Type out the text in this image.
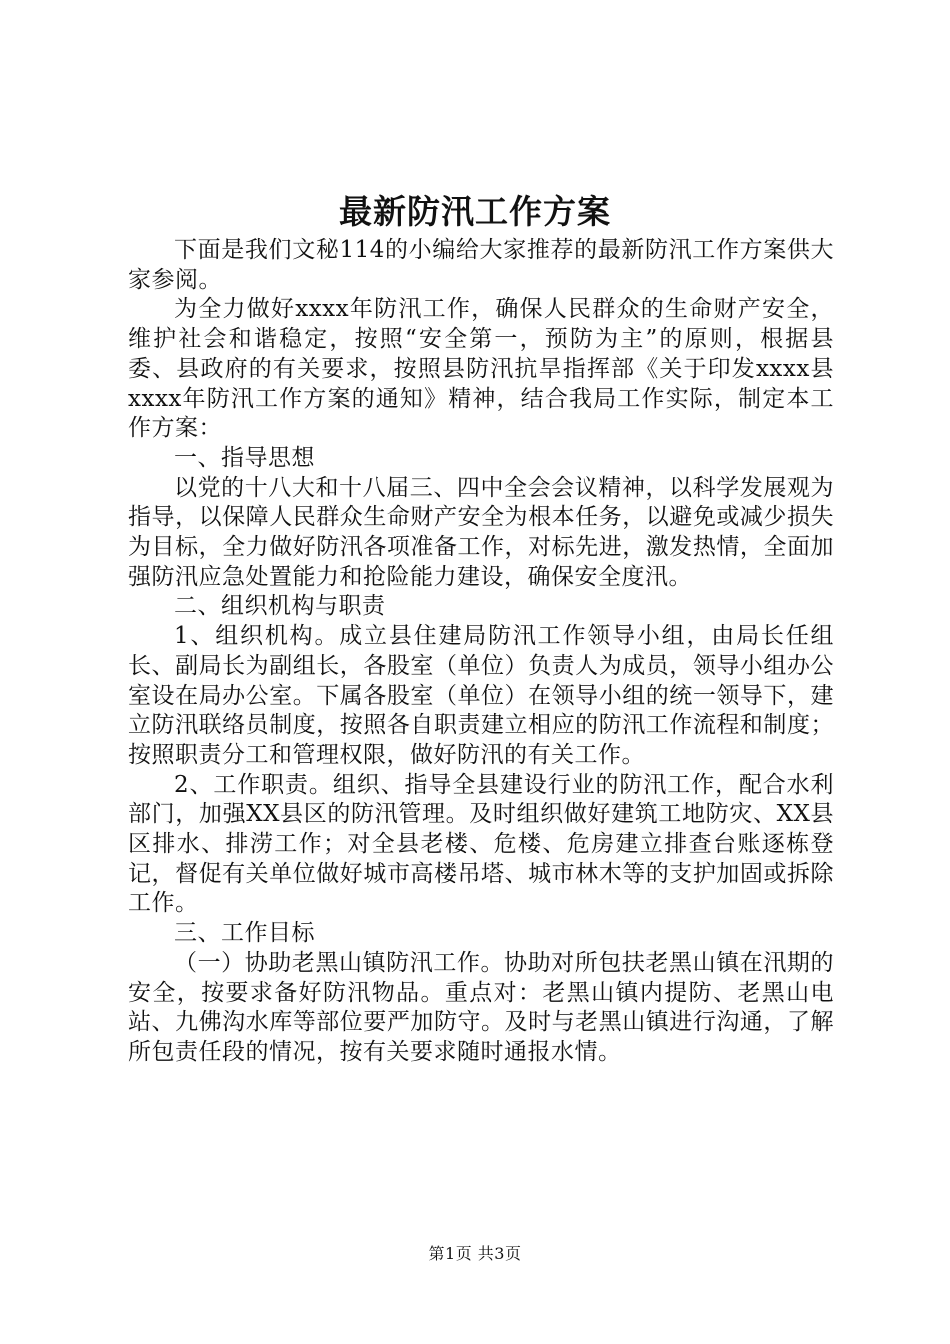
最新防汛工作方案

下面是我们文秘114的小编给大家推荐的最新防汛工作方案供大家参阅。

为全力做好xxxx年防汛工作，确保人民群众的生命财产安全，维护社会和谐稳定，按照“安全第一，预防为主”的原则，根据县委、县政府的有关要求，按照县防汛抗旱指挥部《关于印发xxxx县xxxx年防汛工作方案的通知》精神，结合我局工作实际，制定本工作方案：

一、指导思想

以党的十八大和十八届三、四中全会会议精神，以科学发展观为指导，以保障人民群众生命财产安全为根本任务，以避免或减少损失为目标，全力做好防汛各项准备工作，对标先进，激发热情，全面加强防汛应急处置能力和抢险能力建设，确保安全度汛。

二、组织机构与职责

1、组织机构。成立县住建局防汛工作领导小组，由局长任组长、副局长为副组长，各股室（单位）负责人为成员，领导小组办公室设在局办公室。下属各股室（单位）在领导小组的统一领导下，建立防汛联络员制度，按照各自职责建立相应的防汛工作流程和制度；按照职责分工和管理权限，做好防汛的有关工作。

2、工作职责。组织、指导全县建设行业的防汛工作，配合水利部门，加强XX县区的防汛管理。及时组织做好建筑工地防灾、XX县区排水、排涝工作；对全县老楼、危楼、危房建立排查台账逐栋登记，督促有关单位做好城市高楼吊塔、城市林木等的支护加固或拆除工作。

三、工作目标

（一）协助老黑山镇防汛工作。协助对所包扶老黑山镇在汛期的安全，按要求备好防汛物品。重点对：老黑山镇内提防、老黑山电站、九佛沟水库等部位要严加防守。及时与老黑山镇进行沟通，了解所包责任段的情况，按有关要求随时通报水情。

第1页 共3页
